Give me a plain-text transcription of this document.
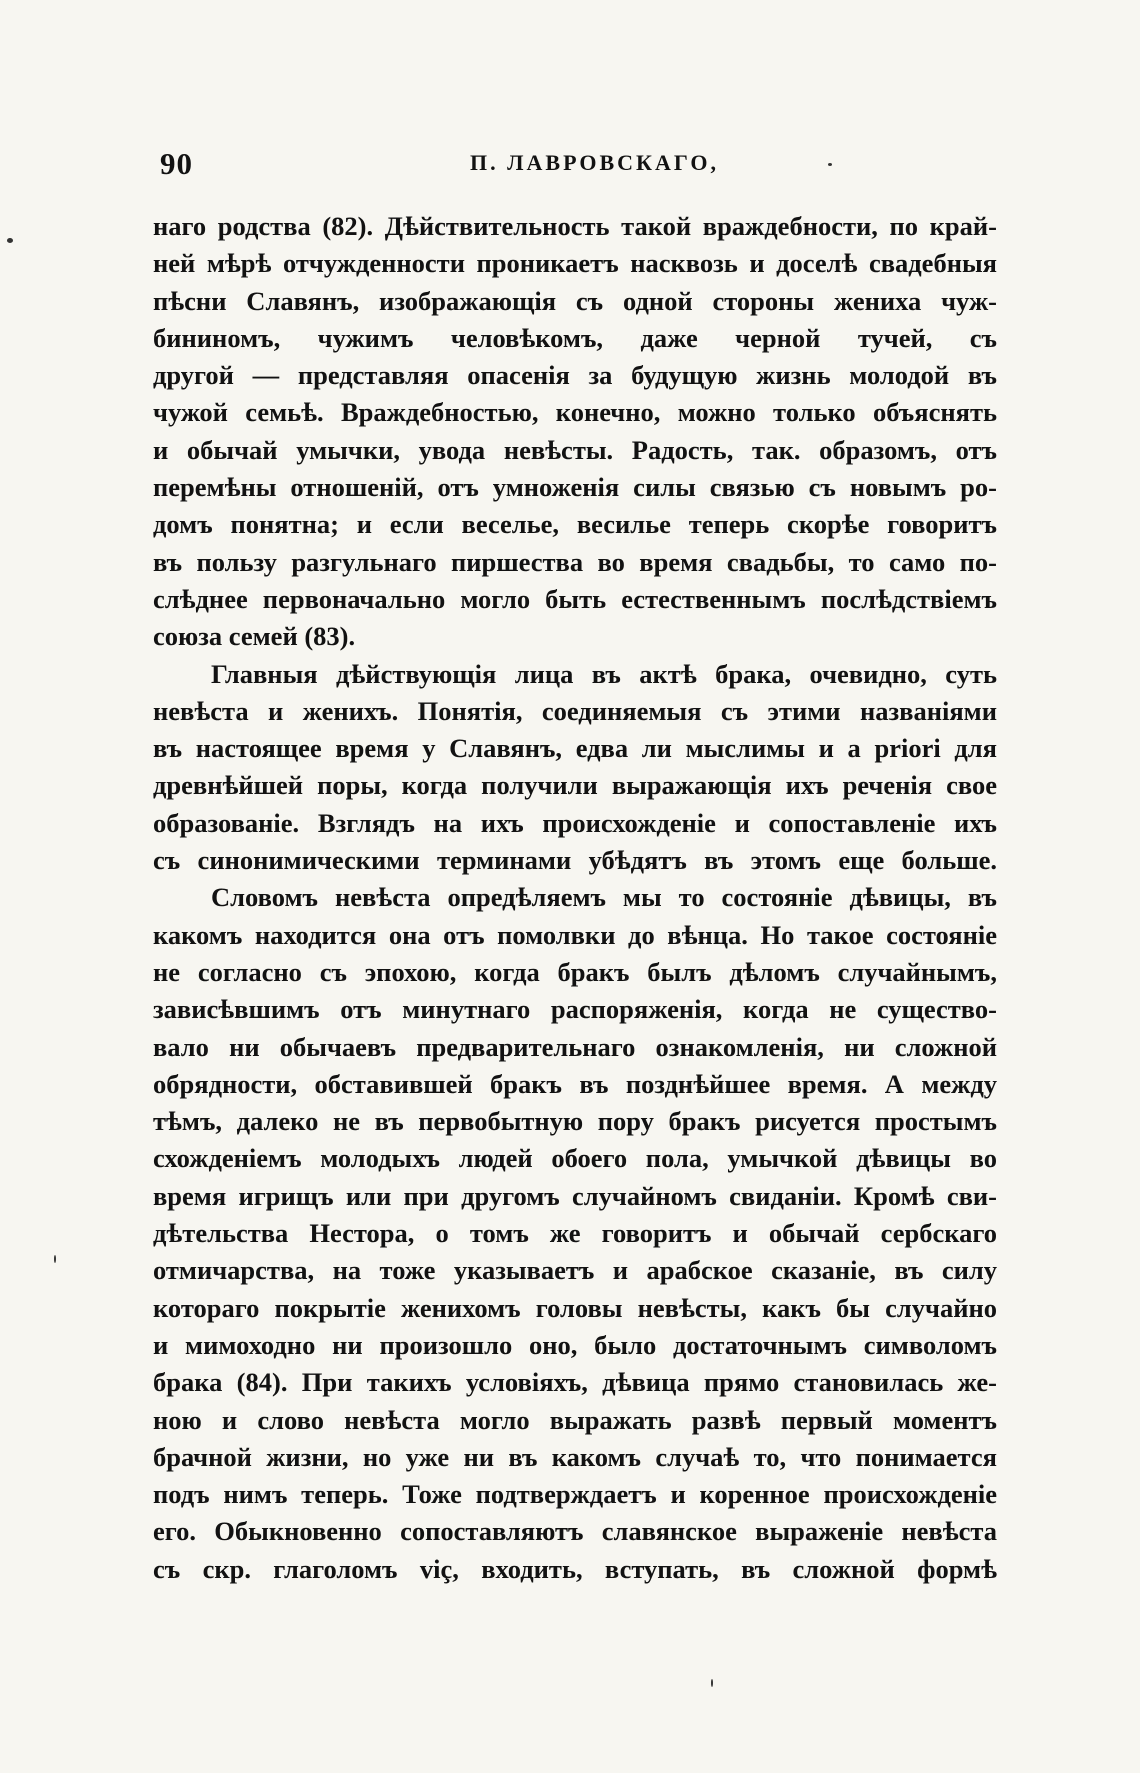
90	П. ЛАВРОВСКАГО,

наго родства (82). Дѣйствительность такой враждебности, по край-
ней мѣрѣ отчужденности проникаетъ насквозь и доселѣ свадебныя
пѣсни Славянъ, изображающія съ одной стороны жениха чуж-
бининомъ, чужимъ человѣкомъ, даже черной тучей, съ
другой — представляя опасенія за будущую жизнь молодой въ
чужой семьѣ. Враждебностью, конечно, можно только объяснять
и обычай умычки, увода невѣсты. Радость, так. образомъ, отъ
перемѣны отношеній, отъ умноженія силы связью съ новымъ ро-
домъ понятна; и если веселье, весилье теперь скорѣе говоритъ
въ пользу разгульнаго пиршества во время свадьбы, то само по-
слѣднее первоначально могло быть естественнымъ послѣдствіемъ
союза семей (83).

Главныя дѣйствующія лица въ актѣ брака, очевидно, суть
невѣста и женихъ. Понятія, соединяемыя съ этими названіями
въ настоящее время у Славянъ, едва ли мыслимы и a priori для
древнѣйшей поры, когда получили выражающія ихъ реченія свое
образованіе. Взглядъ на ихъ происхожденіе и сопоставленіе ихъ
съ синонимическими терминами убѣдятъ въ этомъ еще больше.

Словомъ невѣста опредѣляемъ мы то состояніе дѣвицы, въ
какомъ находится она отъ помолвки до вѣнца. Но такое состояніе
не согласно съ эпохою, когда бракъ былъ дѣломъ случайнымъ,
зависѣвшимъ отъ минутнаго распоряженія, когда не существо-
вало ни обычаевъ предварительнаго ознакомленія, ни сложной
обрядности, обставившей бракъ въ позднѣйшее время. А между
тѣмъ, далеко не въ первобытную пору бракъ рисуется простымъ
схожденіемъ молодыхъ людей обоего пола, умычкой дѣвицы во
время игрищъ или при другомъ случайномъ свиданіи. Кромѣ сви-
дѣтельства Нестора, о томъ же говоритъ и обычай сербскаго
отмичарства, на тоже указываетъ и арабское сказаніе, въ силу
котораго покрытіе женихомъ головы невѣсты, какъ бы случайно
и мимоходно ни произошло оно, было достаточнымъ символомъ
брака (84). При такихъ условіяхъ, дѣвица прямо становилась же-
ною и слово невѣста могло выражать развѣ первый моментъ
брачной жизни, но уже ни въ какомъ случаѣ то, что понимается
подъ нимъ теперь. Тоже подтверждаетъ и коренное происхожденіе
его. Обыкновенно сопоставляютъ славянское выраженіе невѣста
съ скр. глаголомъ viç, входить, вступать, въ сложной формѣ
